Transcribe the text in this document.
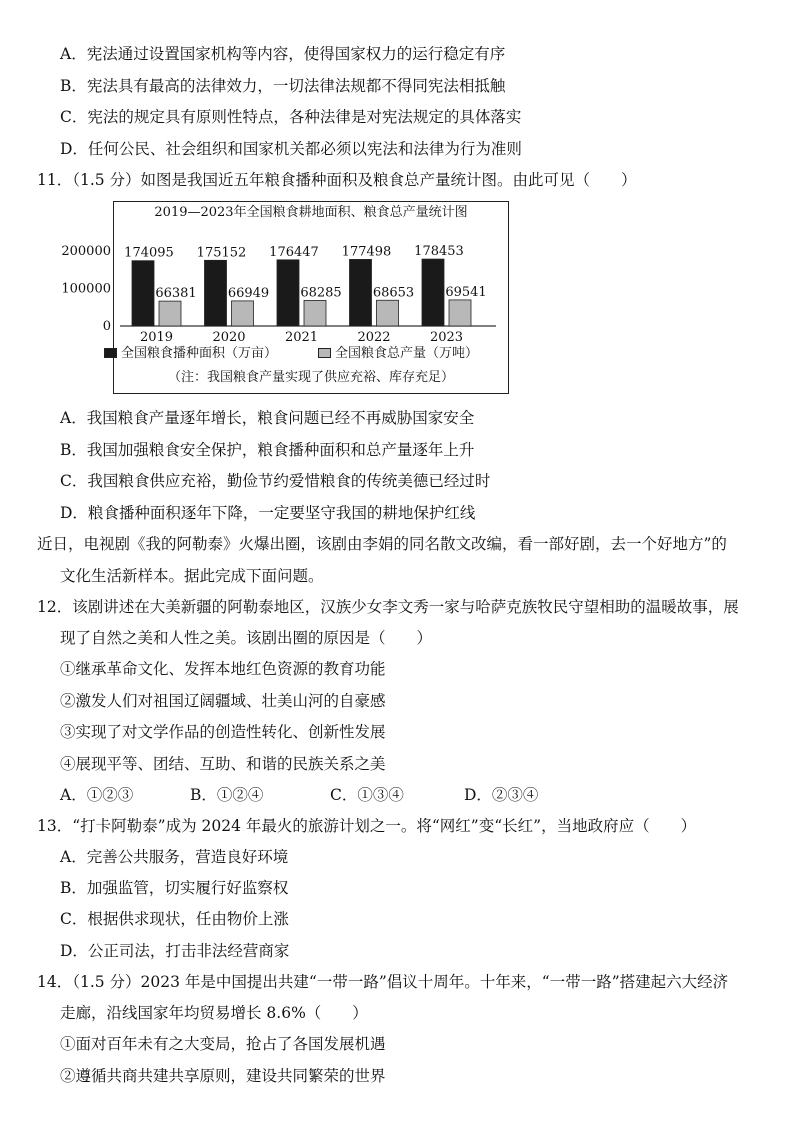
A．宪法通过设置国家机构等内容，使得国家权力的运行稳定有序
B．宪法具有最高的法律效力，一切法律法规都不得同宪法相抵触
C．宪法的规定具有原则性特点，各种法律是对宪法规定的具体落实
D．任何公民、社会组织和国家机关都必须以宪法和法律为行为准则
11．（1.5 分）如图是我国近五年粮食播种面积及粮食总产量统计图。由此可见（　　）
2019—2023年全国粮食耕地面积、粮食总产量统计图
0
100000
200000 174095
66381
2019
175152
66949
2020
176447
68285
2021
177498
68653
2022
178453
69541
2023
全国粮食播种面积（万亩）	全国粮食总产量（万吨）
（注：我国粮食产量实现了供应充裕、库存充足）
A．我国粮食产量逐年增长，粮食问题已经不再威胁国家安全
B．我国加强粮食安全保护，粮食播种面积和总产量逐年上升
C．我国粮食供应充裕，勤俭节约爱惜粮食的传统美德已经过时
D．粮食播种面积逐年下降，一定要坚守我国的耕地保护红线
近日，电视剧《我的阿勒泰》火爆出圈，该剧由李娟的同名散文改编，看一部好剧，去一个好地方”的
文化生活新样本。据此完成下面问题。
12．该剧讲述在大美新疆的阿勒泰地区，汉族少女李文秀一家与哈萨克族牧民守望相助的温暖故事，展
现了自然之美和人性之美。该剧出圈的原因是（　　）
①继承革命文化、发挥本地红色资源的教育功能
②激发人们对祖国辽阔疆域、壮美山河的自豪感
③实现了对文学作品的创造性转化、创新性发展
④展现平等、团结、互助、和谐的民族关系之美
A．①②③	B．①②④	C．①③④	D．②③④
13．“打卡阿勒泰”成为 2024 年最火的旅游计划之一。将“网红”变“长红”，当地政府应（　　）
A．完善公共服务，营造良好环境
B．加强监管，切实履行好监察权
C．根据供求现状，任由物价上涨
D．公正司法，打击非法经营商家
14．（1.5 分）2023 年是中国提出共建“一带一路”倡议十周年。十年来，“一带一路”搭建起六大经济
走廊，沿线国家年均贸易增长 8.6%（　　）
①面对百年未有之大变局，抢占了各国发展机遇
②遵循共商共建共享原则，建设共同繁荣的世界
